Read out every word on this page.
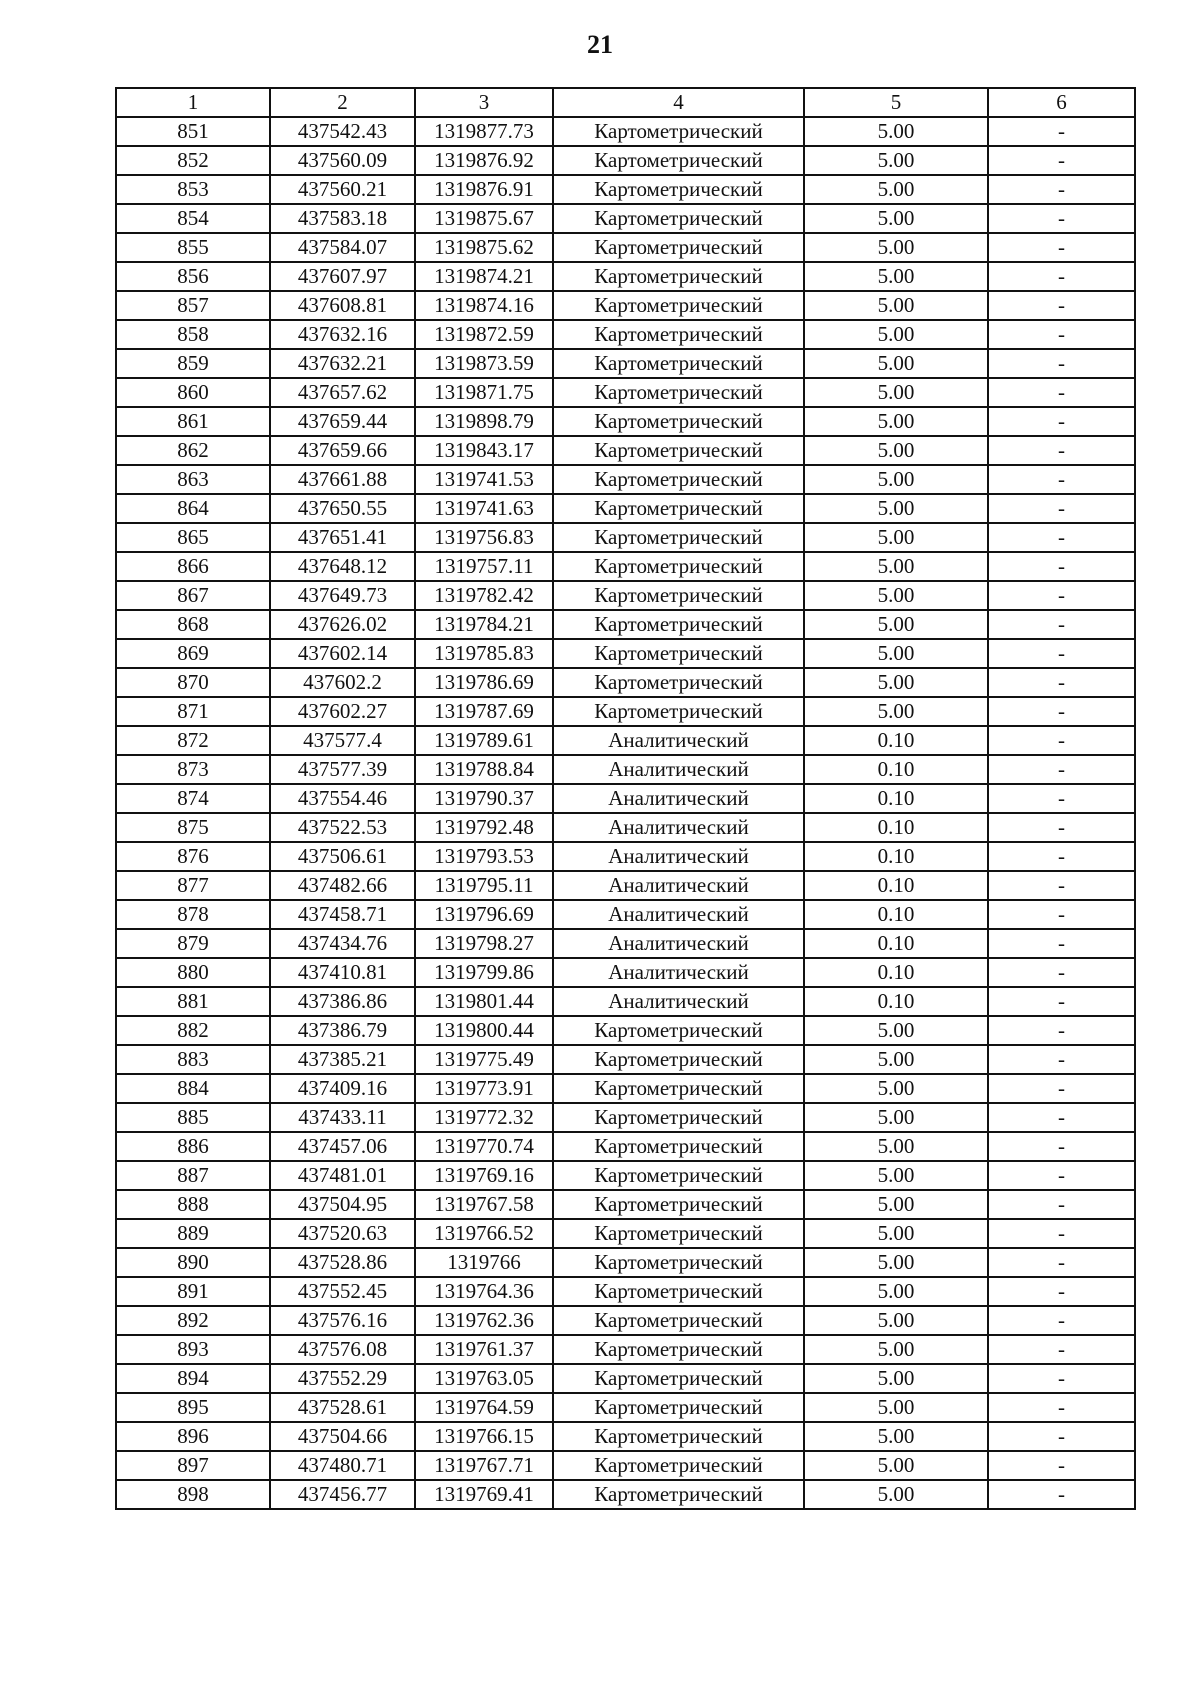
21
1	2	3	4	5	6
851	437542.43	1319877.73	Картометрический	5.00	-
852	437560.09	1319876.92	Картометрический	5.00	-
853	437560.21	1319876.91	Картометрический	5.00	-
854	437583.18	1319875.67	Картометрический	5.00	-
855	437584.07	1319875.62	Картометрический	5.00	-
856	437607.97	1319874.21	Картометрический	5.00	-
857	437608.81	1319874.16	Картометрический	5.00	-
858	437632.16	1319872.59	Картометрический	5.00	-
859	437632.21	1319873.59	Картометрический	5.00	-
860	437657.62	1319871.75	Картометрический	5.00	-
861	437659.44	1319898.79	Картометрический	5.00	-
862	437659.66	1319843.17	Картометрический	5.00	-
863	437661.88	1319741.53	Картометрический	5.00	-
864	437650.55	1319741.63	Картометрический	5.00	-
865	437651.41	1319756.83	Картометрический	5.00	-
866	437648.12	1319757.11	Картометрический	5.00	-
867	437649.73	1319782.42	Картометрический	5.00	-
868	437626.02	1319784.21	Картометрический	5.00	-
869	437602.14	1319785.83	Картометрический	5.00	-
870	437602.2	1319786.69	Картометрический	5.00	-
871	437602.27	1319787.69	Картометрический	5.00	-
872	437577.4	1319789.61	Аналитический	0.10	-
873	437577.39	1319788.84	Аналитический	0.10	-
874	437554.46	1319790.37	Аналитический	0.10	-
875	437522.53	1319792.48	Аналитический	0.10	-
876	437506.61	1319793.53	Аналитический	0.10	-
877	437482.66	1319795.11	Аналитический	0.10	-
878	437458.71	1319796.69	Аналитический	0.10	-
879	437434.76	1319798.27	Аналитический	0.10	-
880	437410.81	1319799.86	Аналитический	0.10	-
881	437386.86	1319801.44	Аналитический	0.10	-
882	437386.79	1319800.44	Картометрический	5.00	-
883	437385.21	1319775.49	Картометрический	5.00	-
884	437409.16	1319773.91	Картометрический	5.00	-
885	437433.11	1319772.32	Картометрический	5.00	-
886	437457.06	1319770.74	Картометрический	5.00	-
887	437481.01	1319769.16	Картометрический	5.00	-
888	437504.95	1319767.58	Картометрический	5.00	-
889	437520.63	1319766.52	Картометрический	5.00	-
890	437528.86	1319766	Картометрический	5.00	-
891	437552.45	1319764.36	Картометрический	5.00	-
892	437576.16	1319762.36	Картометрический	5.00	-
893	437576.08	1319761.37	Картометрический	5.00	-
894	437552.29	1319763.05	Картометрический	5.00	-
895	437528.61	1319764.59	Картометрический	5.00	-
896	437504.66	1319766.15	Картометрический	5.00	-
897	437480.71	1319767.71	Картометрический	5.00	-
898	437456.77	1319769.41	Картометрический	5.00	-
